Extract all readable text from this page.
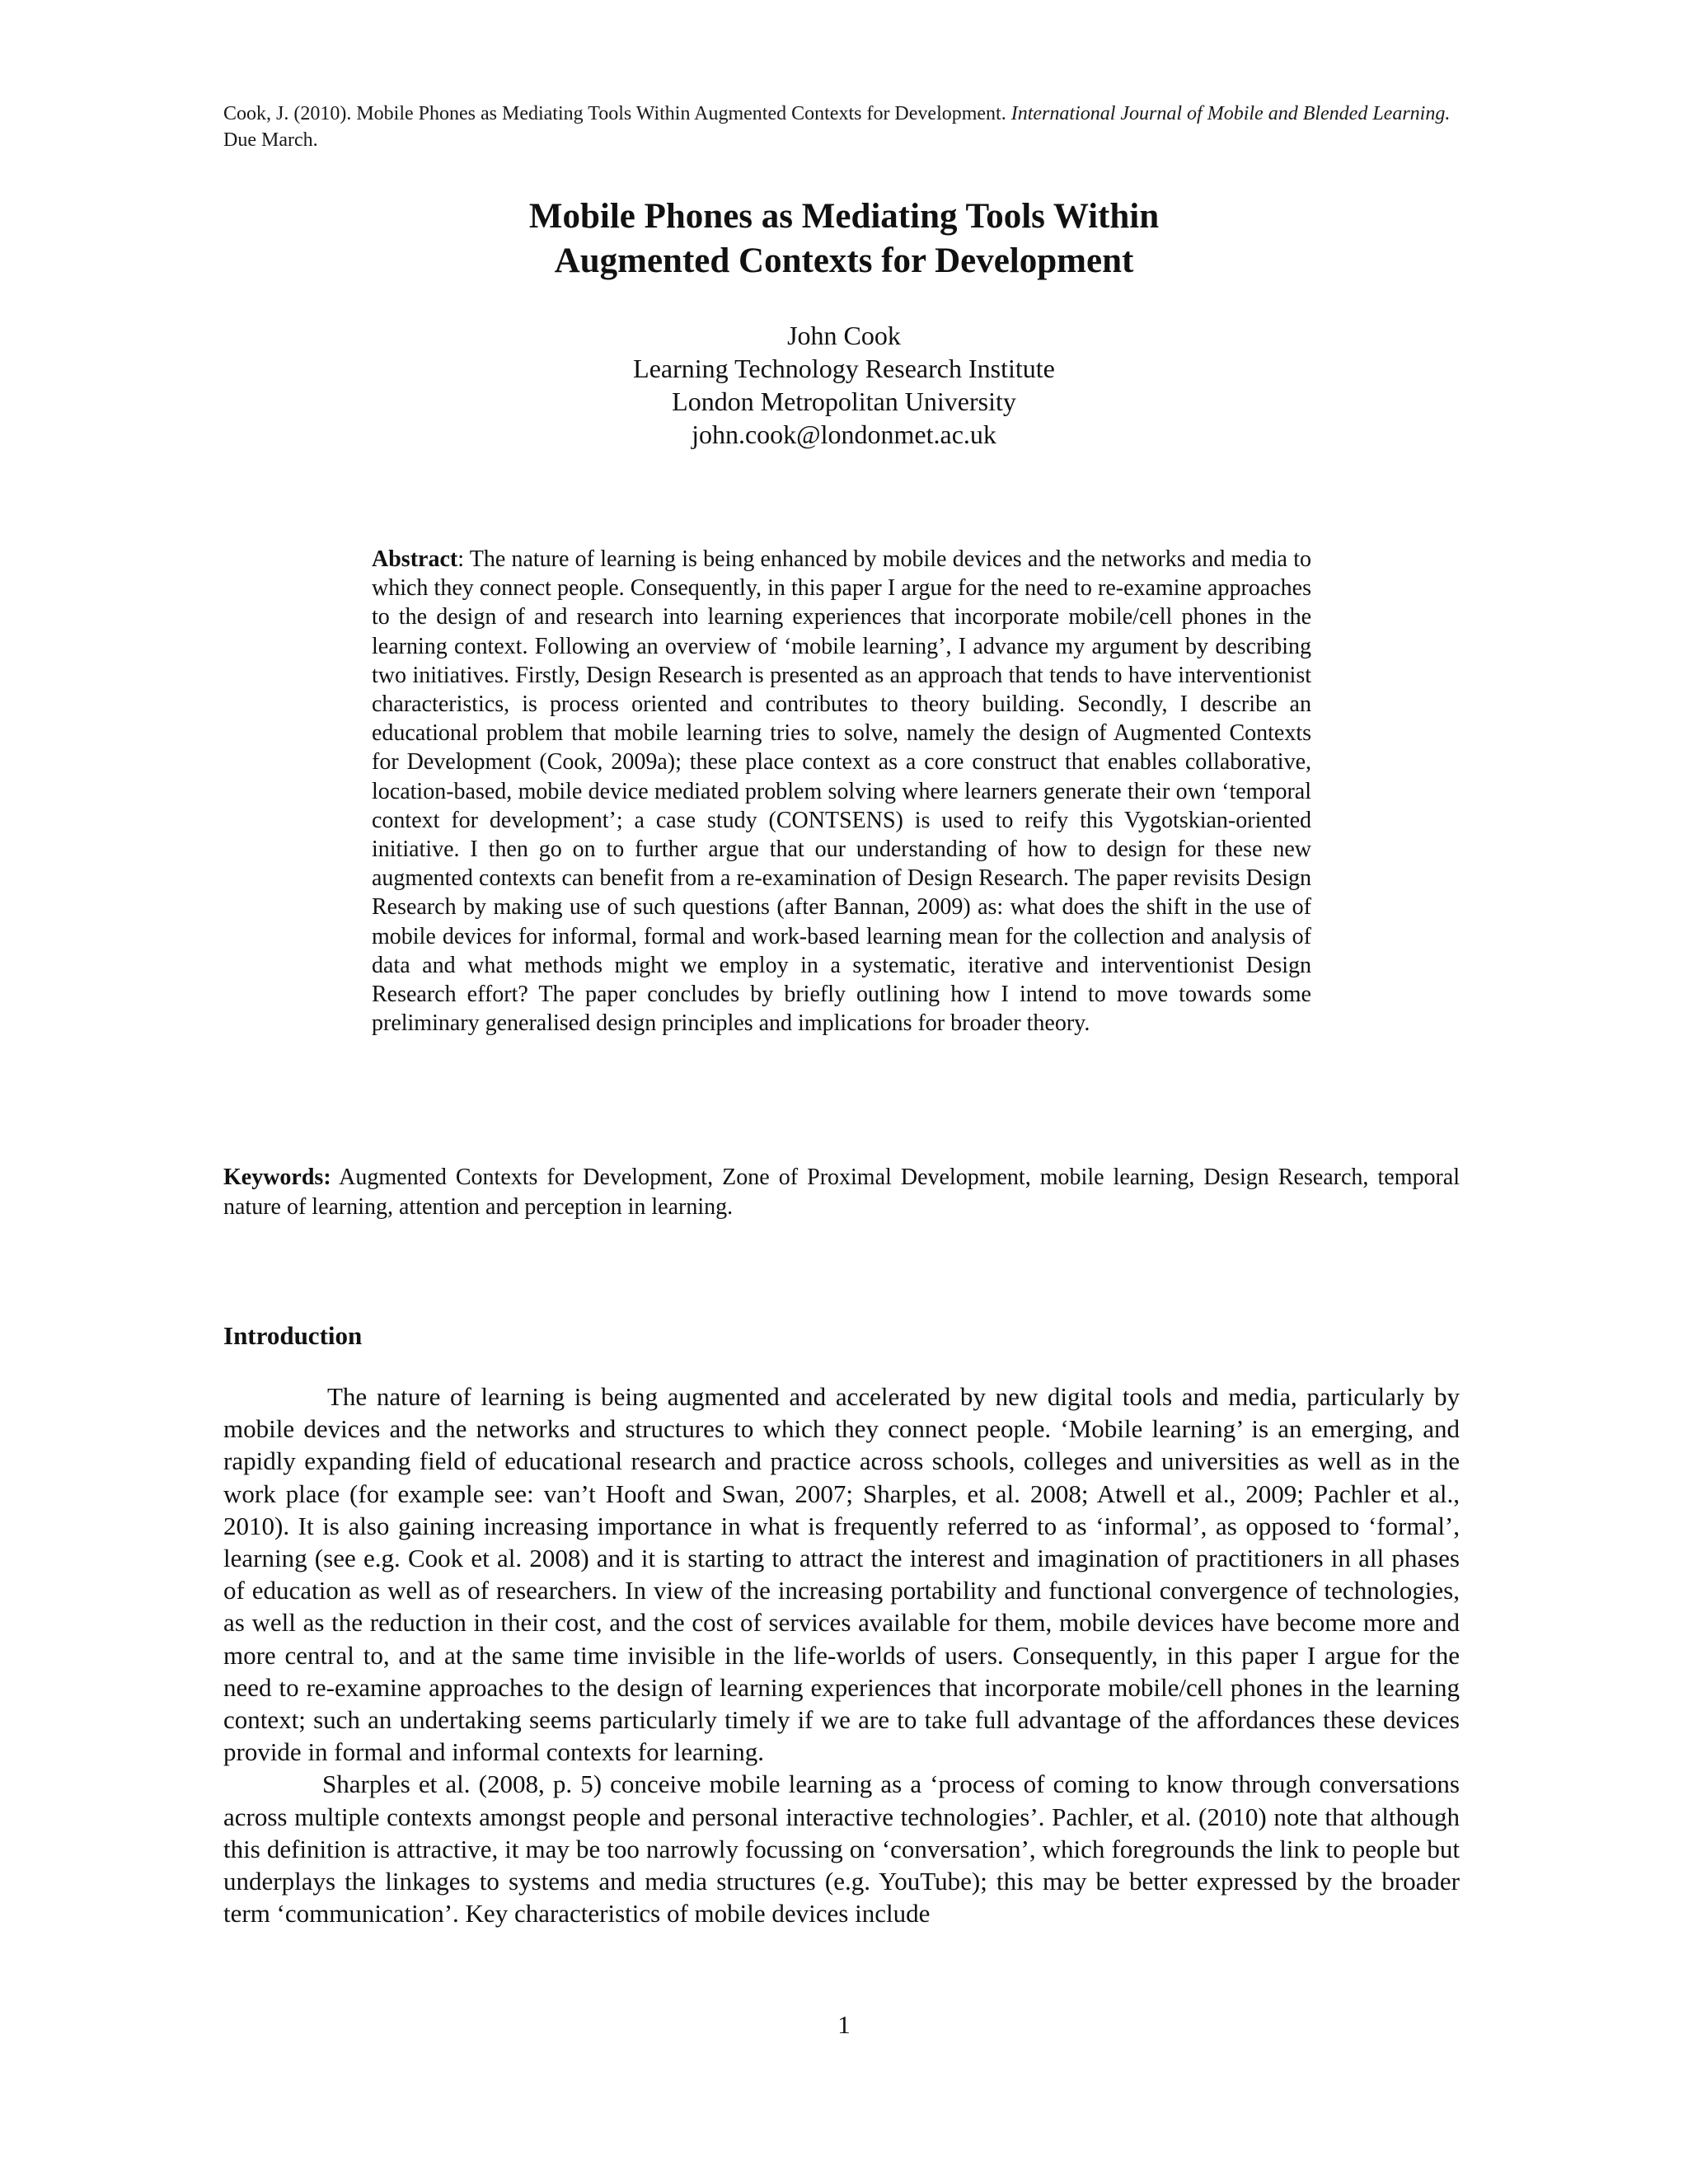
Cook, J. (2010). Mobile Phones as Mediating Tools Within Augmented Contexts for Development. International Journal of Mobile and Blended Learning. Due March.
Mobile Phones as Mediating Tools Within
Augmented Contexts for Development
John Cook
Learning Technology Research Institute
London Metropolitan University
john.cook@londonmet.ac.uk

Abstract: The nature of learning is being enhanced by mobile devices and the networks and media to which they connect people. Consequently, in this paper I argue for the need to re-examine approaches to the design of and research into learning experiences that incorporate mobile/cell phones in the learning context. Following an overview of ‘mobile learning’, I advance my argument by describing two initiatives. Firstly, Design Research is presented as an approach that tends to have interventionist characteristics, is process oriented and contributes to theory building. Secondly, I describe an educational problem that mobile learning tries to solve, namely the design of Augmented Contexts for Development (Cook, 2009a); these place context as a core construct that enables collaborative, location-based, mobile device mediated problem solving where learners generate their own ‘temporal context for development’; a case study (CONTSENS) is used to reify this Vygotskian-oriented initiative. I then go on to further argue that our understanding of how to design for these new augmented contexts can benefit from a re-examination of Design Research. The paper revisits Design Research by making use of such questions (after Bannan, 2009) as: what does the shift in the use of mobile devices for informal, formal and work-based learning mean for the collection and analysis of data and what methods might we employ in a systematic, iterative and interventionist Design Research effort? The paper concludes by briefly outlining how I intend to move towards some preliminary generalised design principles and implications for broader theory.

Keywords: Augmented Contexts for Development, Zone of Proximal Development, mobile learning, Design Research, temporal nature of learning, attention and perception in learning.

Introduction

The nature of learning is being augmented and accelerated by new digital tools and media, particularly by mobile devices and the networks and structures to which they connect people. ‘Mobile learning’ is an emerging, and rapidly expanding field of educational research and practice across schools, colleges and universities as well as in the work place (for example see: van’t Hooft and Swan, 2007; Sharples, et al. 2008; Atwell et al., 2009; Pachler et al., 2010). It is also gaining increasing importance in what is frequently referred to as ‘informal’, as opposed to ‘formal’, learning (see e.g. Cook et al. 2008) and it is starting to attract the interest and imagination of practitioners in all phases of education as well as of researchers. In view of the increasing portability and functional convergence of technologies, as well as the reduction in their cost, and the cost of services available for them, mobile devices have become more and more central to, and at the same time invisible in the life-worlds of users. Consequently, in this paper I argue for the need to re-examine approaches to the design of learning experiences that incorporate mobile/cell phones in the learning context; such an undertaking seems particularly timely if we are to take full advantage of the affordances these devices provide in formal and informal contexts for learning.

Sharples et al. (2008, p. 5) conceive mobile learning as a ‘process of coming to know through conversations across multiple contexts amongst people and personal interactive technologies’. Pachler, et al. (2010) note that although this definition is attractive, it may be too narrowly focussing on ‘conversation’, which foregrounds the link to people but underplays the linkages to systems and media structures (e.g. YouTube); this may be better expressed by the broader term ‘communication’. Key characteristics of mobile devices include

1
